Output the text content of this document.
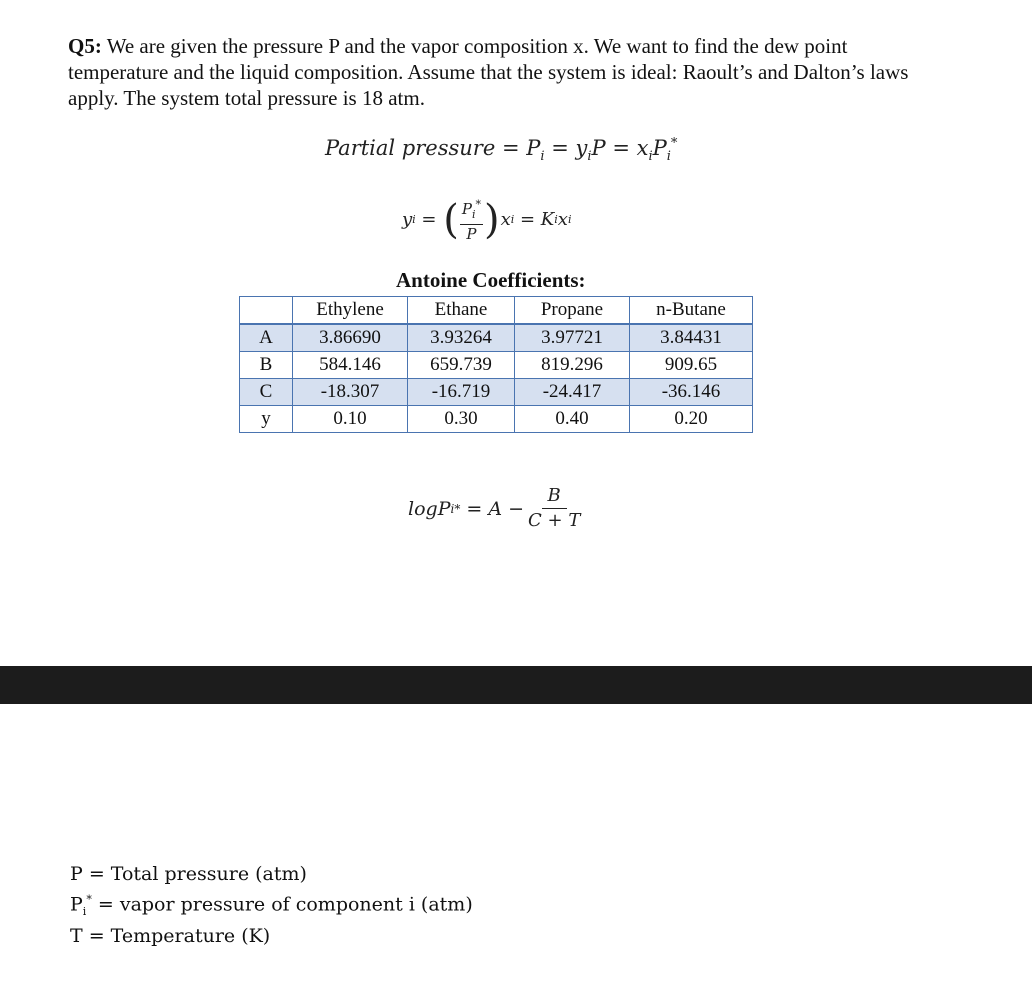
Q5: We are given the pressure P and the vapor composition x. We want to find the dew point temperature and the liquid composition. Assume that the system is ideal: Raoult’s and Dalton’s laws apply. The system total pressure is 18 atm.
Partial pressure = $P_i = y_iP = x_iP_i^*$
y i = ( $\frac{P_i^*}{P}$ ) x i = K i x i
Antoine Coefficients:
	Ethylene	Ethane	Propane	n-Butane
A	3.86690	3.93264	3.97721	3.84431
B	584.146	659.739	819.296	909.65
C	-18.307	-16.719	-24.417	-36.146
y	0.10	0.30	0.40	0.20
log P i * = $A - \frac{B}{C + T}$
P = Total pressure (atm)
$P_i^*$ = vapor pressure of component i (atm)
T = Temperature (K)
